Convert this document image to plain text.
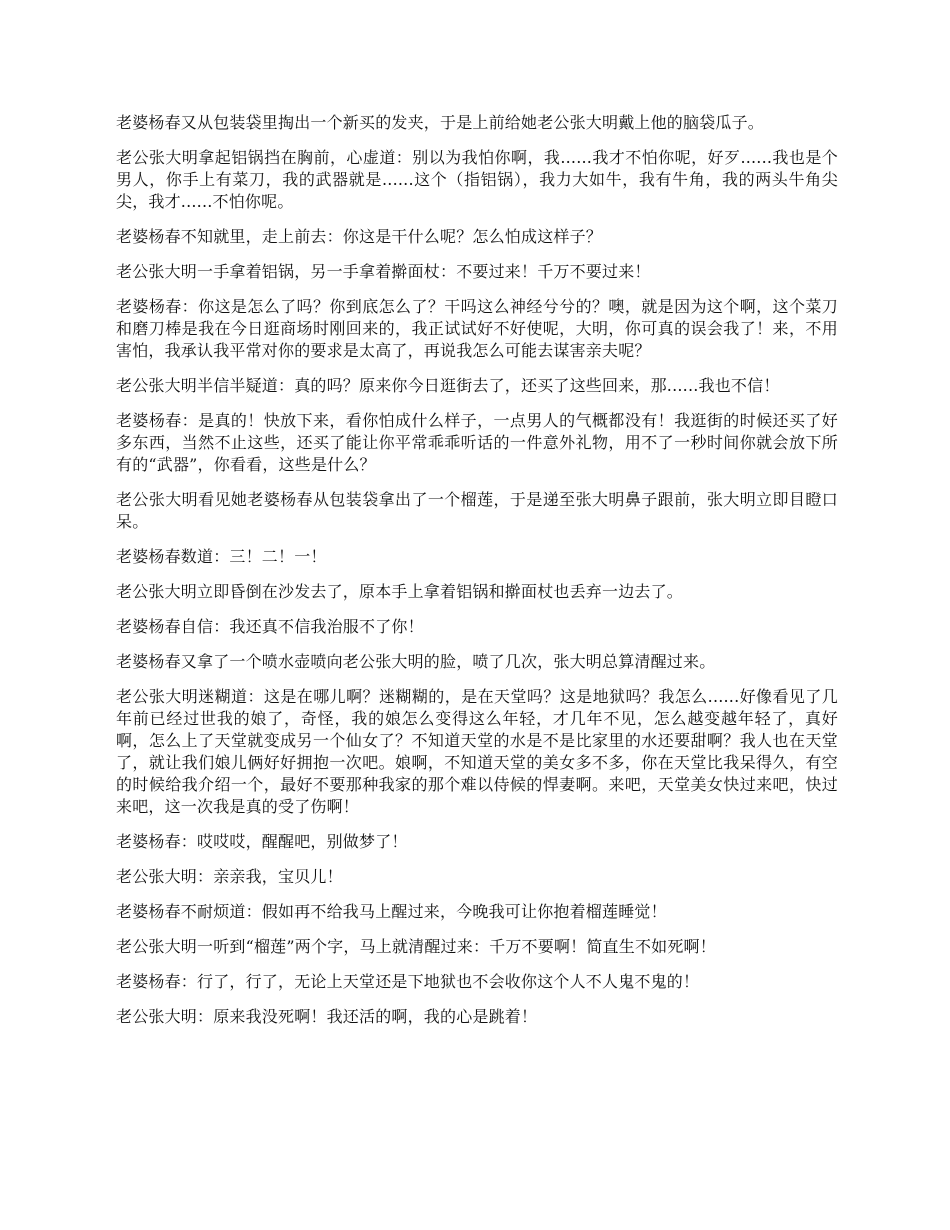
老婆杨春又从包装袋里掏出一个新买的发夹，于是上前给她老公张大明戴上他的脑袋瓜子。

老公张大明拿起铝锅挡在胸前，心虚道：别以为我怕你啊，我......我才不怕你呢，好歹......我也是个男人，你手上有菜刀，我的武器就是......这个（指铝锅），我力大如牛，我有牛角，我的两头牛角尖尖，我才......不怕你呢。

老婆杨春不知就里，走上前去：你这是干什么呢？怎么怕成这样子？

老公张大明一手拿着铝锅，另一手拿着擀面杖：不要过来！千万不要过来！

老婆杨春：你这是怎么了吗？你到底怎么了？干吗这么神经兮兮的？噢，就是因为这个啊，这个菜刀和磨刀棒是我在今日逛商场时刚回来的，我正试试好不好使呢，大明，你可真的误会我了！来，不用害怕，我承认我平常对你的要求是太高了，再说我怎么可能去谋害亲夫呢？

老公张大明半信半疑道：真的吗？原来你今日逛街去了，还买了这些回来，那......我也不信！

老婆杨春：是真的！快放下来，看你怕成什么样子，一点男人的气概都没有！我逛街的时候还买了好多东西，当然不止这些，还买了能让你平常乖乖听话的一件意外礼物，用不了一秒时间你就会放下所有的“武器”，你看看，这些是什么？

老公张大明看见她老婆杨春从包装袋拿出了一个榴莲，于是递至张大明鼻子跟前，张大明立即目瞪口呆。

老婆杨春数道：三！二！一！

老公张大明立即昏倒在沙发去了，原本手上拿着铝锅和擀面杖也丢弃一边去了。

老婆杨春自信：我还真不信我治服不了你！

老婆杨春又拿了一个喷水壶喷向老公张大明的脸，喷了几次，张大明总算清醒过来。

老公张大明迷糊道：这是在哪儿啊？迷糊糊的，是在天堂吗？这是地狱吗？我怎么......好像看见了几年前已经过世我的娘了，奇怪，我的娘怎么变得这么年轻，才几年不见，怎么越变越年轻了，真好啊，怎么上了天堂就变成另一个仙女了？不知道天堂的水是不是比家里的水还要甜啊？我人也在天堂了，就让我们娘儿俩好好拥抱一次吧。娘啊，不知道天堂的美女多不多，你在天堂比我呆得久，有空的时候给我介绍一个，最好不要那种我家的那个难以侍候的悍妻啊。来吧，天堂美女快过来吧，快过来吧，这一次我是真的受了伤啊！

老婆杨春：哎哎哎，醒醒吧，别做梦了！

老公张大明：亲亲我，宝贝儿！

老婆杨春不耐烦道：假如再不给我马上醒过来，今晚我可让你抱着榴莲睡觉！

老公张大明一听到“榴莲”两个字，马上就清醒过来：千万不要啊！简直生不如死啊！

老婆杨春：行了，行了，无论上天堂还是下地狱也不会收你这个人不人鬼不鬼的！

老公张大明：原来我没死啊！我还活的啊，我的心是跳着！
